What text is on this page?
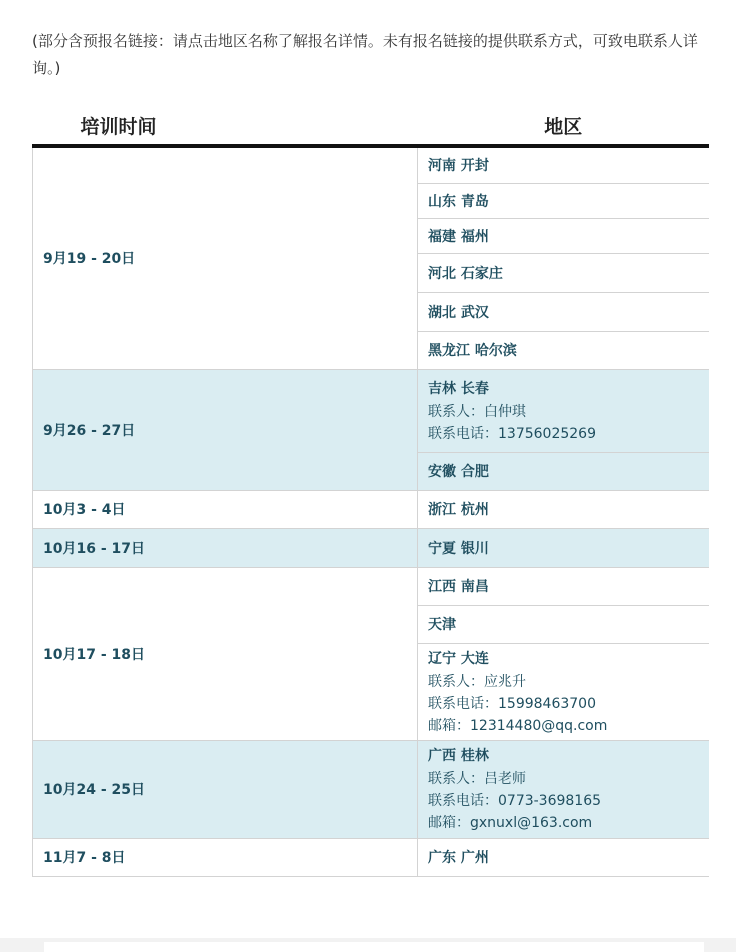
(部分含预报名链接：请点击地区名称了解报名详情。未有报名链接的提供联系方式，可致电联系人详询。)
培训时间	地区
9月19 - 20日	河南 开封

	山东 青岛

	福建 福州

	河北 石家庄

	湖北 武汉

	黑龙江 哈尔滨

9月26 - 27日	吉林 长春
联系人：白仲琪
联系电话：13756025269

	安徽 合肥

10月3 - 4日	浙江 杭州

10月16 - 17日	宁夏 银川

10月17 - 18日	江西 南昌

	天津

	辽宁 大连
联系人：应兆升
联系电话：15998463700
邮箱：12314480@qq.com

10月24 - 25日	广西 桂林
联系人：吕老师
联系电话：0773-3698165
邮箱：gxnuxl@163.com

11月7 - 8日	广东 广州
